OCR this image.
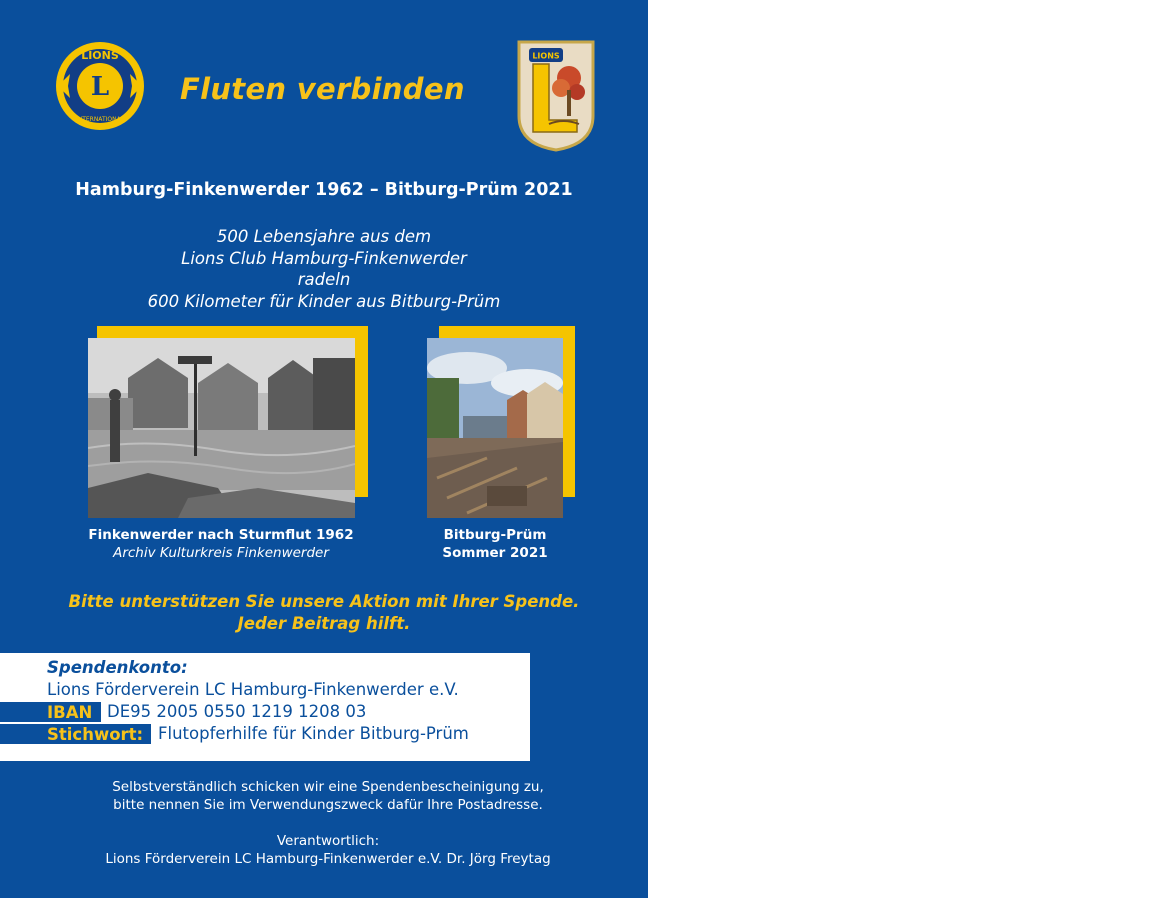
LIONS
INTERNATIONAL
L Fluten verbinden
LIONS
Hamburg-Finkenwerder 1962 – Bitburg-Prüm 2021
500 Lebensjahre aus dem
Lions Club Hamburg-Finkenwerder
radeln
600 Kilometer für Kinder aus Bitburg-Prüm
Finkenwerder nach Sturmflut 1962
Archiv Kulturkreis Finkenwerder
Bitburg-Prüm
Sommer 2021
Bitte unterstützen Sie unsere Aktion mit Ihrer Spende.
Jeder Beitrag hilft.
Spendenkonto:
Lions Förderverein LC Hamburg-Finkenwerder e.V.
IBAN DE95 2005 0550 1219 1208 03
Stichwort: Flutopferhilfe für Kinder Bitburg-Prüm
Selbstverständlich schicken wir eine Spendenbescheinigung zu,
bitte nennen Sie im Verwendungszweck dafür Ihre Postadresse.
Verantwortlich:
Lions Förderverein LC Hamburg-Finkenwerder e.V. Dr. Jörg Freytag
